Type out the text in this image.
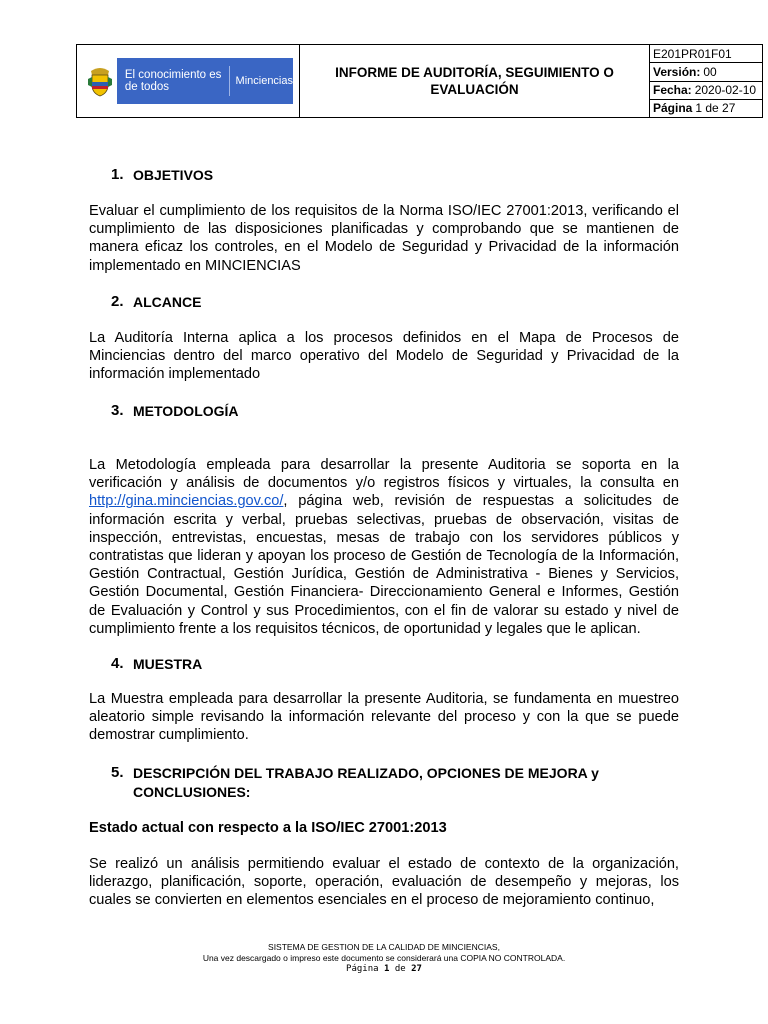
El conocimiento es de todos	Minciencias
INFORME DE AUDITORÍA, SEGUIMIENTO O EVALUACIÓN
E201PR01F01
Versión: 00
Fecha: 2020-02-10
Página 1 de 27
1. OBJETIVOS

Evaluar el cumplimiento de los requisitos de la Norma ISO/IEC 27001:2013, verificando el cumplimiento de las disposiciones planificadas y comprobando que se mantienen de manera eficaz los controles, en el Modelo de Seguridad y Privacidad de la información implementado en MINCIENCIAS

2. ALCANCE

La Auditoría Interna aplica a los procesos definidos en el Mapa de Procesos de Minciencias dentro del marco operativo del Modelo de Seguridad y Privacidad de la información implementado

3. METODOLOGÍA

La Metodología empleada para desarrollar la presente Auditoria se soporta en la verificación y análisis de documentos y/o registros físicos y virtuales, la consulta en http://gina.minciencias.gov.co/, página web, revisión de respuestas a solicitudes de información escrita y verbal, pruebas selectivas, pruebas de observación, visitas de inspección, entrevistas, encuestas, mesas de trabajo con los servidores públicos y contratistas que lideran y apoyan los proceso de Gestión de Tecnología de la Información, Gestión Contractual, Gestión Jurídica, Gestión de Administrativa - Bienes y Servicios, Gestión Documental, Gestión Financiera- Direccionamiento General e Informes, Gestión de Evaluación y Control y sus Procedimientos, con el fin de valorar su estado y nivel de cumplimiento frente a los requisitos técnicos, de oportunidad y legales que le aplican.

4. MUESTRA

La Muestra empleada para desarrollar la presente Auditoria, se fundamenta en muestreo aleatorio simple revisando la información relevante del proceso y con la que se puede demostrar cumplimiento.

5. DESCRIPCIÓN DEL TRABAJO REALIZADO, OPCIONES DE MEJORA y CONCLUSIONES:
Estado actual con respecto a la ISO/IEC 27001:2013

Se realizó un análisis permitiendo evaluar el estado de contexto de la organización, liderazgo, planificación, soporte, operación, evaluación de desempeño y mejoras, los cuales se convierten en elementos esenciales en el proceso de mejoramiento continuo,

SISTEMA DE GESTION DE LA CALIDAD DE MINCIENCIAS,
Una vez descargado o impreso este documento se considerará una COPIA NO CONTROLADA.
Página 1 de 27
